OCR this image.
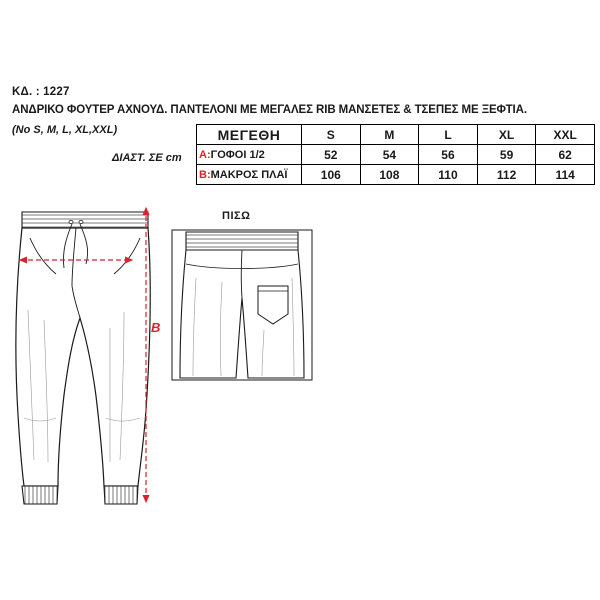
ΚΔ. : 1227
ΑΝΔΡΙΚΟ ΦΟΥΤΕΡ ΑΧΝΟΥΔ. ΠΑΝΤΕΛΟΝΙ ΜΕ ΜΕΓΑΛΕΣ RIB ΜΑΝΣΕΤΕΣ & ΤΣΕΠΕΣ ΜΕ ΞΕΦΤΙΑ.
(No S, M, L, XL,XXL)
ΔΙΑΣΤ. ΣΕ cm
ΜΕΓΕΘΗ	S	M	L	XL	XXL
Α:ΓΟΦΟΙ 1/2	52	54	56	59	62
Β:ΜΑΚΡΟΣ ΠΛΑΪ	106	108	110	112	114
ΠΙΣΩ
B
